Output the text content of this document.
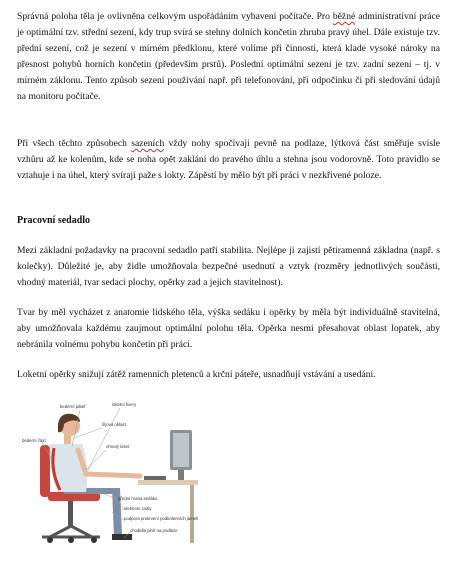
Správná poloha těla je ovlivněna celkovým uspořádáním vybavení počítače. Pro běžné administrativní práce je optimální tzv. střední sezení, kdy trup svírá se stehny dolních končetin zhruba pravý úhel. Dále existuje tzv. přední sezení, což je sezení v mírném předklonu, které volíme při činnosti, která klade vysoké nároky na přesnost pohybů horních končetin (především prstů). Poslední optimální sezení je tzv. zadní sezení – tj. v mírném záklonu. Tento způsob sezení používání např. při telefonování, při odpočinku či při sledování údajů na monitoru počítače.

Při všech těchto způsobech sazeních vždy nohy spočívají pevně na podlaze, lýtková část směřuje svisle vzhůru až ke kolenům, kde se noha opět zaklání do pravého úhlu a stehna jsou vodorovně. Toto pravidlo se vztahuje i na úhel, který svírají paže s lokty. Zápěstí by mělo být při práci v nezkřivené poloze.

Pracovní sedadlo

Mezi základní požadavky na pracovní sedadlo patří stabilita. Nejlépe ji zajistí pětiramenná základna (např. s kolečky). Důležité je, aby židle umožňovala bezpečné usednutí a vztyk (rozměry jednotlivých součástí, vhodný materiál, tvar sedací plochy, opěrky zad a jejich stavitelnost).

Tvar by měl vycházet z anatomie lidského těla, výška sedáku i opěrky by měla být individuálně stavitelná, aby umožňovala každému zaujmout optimální polohu těla. Opěrka nesmí přesahovat oblast lopatek, aby nebránila volnému pohybu končetin při práci.

Loketní opěrky snižují zátěž ramenních pletenců a krční páteře, usnadňují vstávání a usedání.

bederní páteř	loketní fixery
bederní část
šíjová oblast
ohnutý loket
přední hrana sedáku
stehenní svaly
podpora prokrvení podkolenních jamek
chodidla plně na podlaze
